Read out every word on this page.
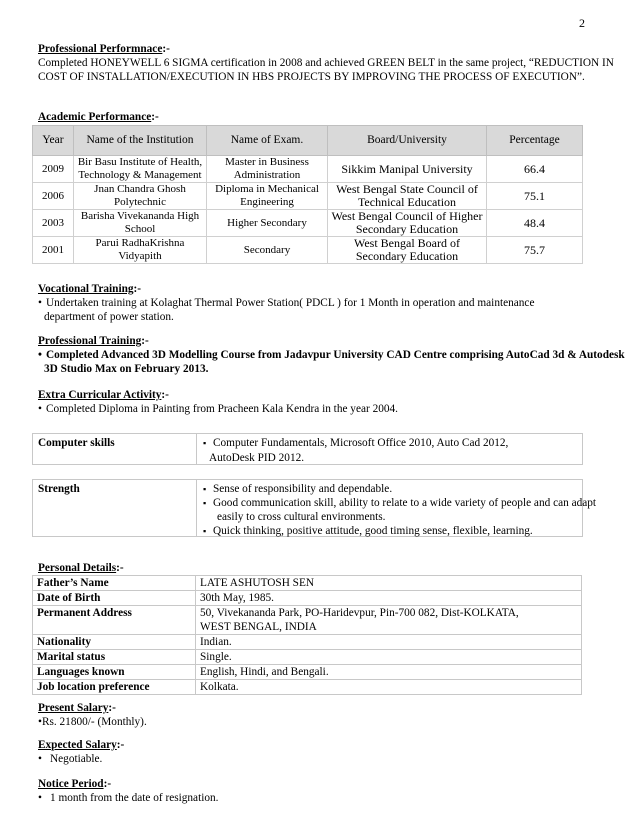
2
Professional Performnace:-
Completed HONEYWELL 6 SIGMA certification in 2008 and achieved GREEN BELT in the same project, “REDUCTION IN COST OF INSTALLATION/EXECUTION IN HBS PROJECTS BY IMPROVING THE PROCESS OF EXECUTION”.
Academic Performance:-
Year	Name of the Institution	Name of Exam.	Board/University	Percentage
2009	Bir Basu Institute of Health, Technology & Management	Master in Business Administration	Sikkim Manipal University	66.4
2006	Jnan Chandra Ghosh Polytechnic	Diploma in Mechanical Engineering	West Bengal State Council of Technical Education	75.1
2003	Barisha Vivekananda High School	Higher Secondary	West Bengal Council of Higher Secondary Education	48.4
2001	Parui RadhaKrishna Vidyapith	Secondary	West Bengal Board of Secondary Education	75.7
Vocational Training:-
• Undertaken training at Kolaghat Thermal Power Station( PDCL ) for 1 Month in operation and maintenance
department of power station.
Professional Training:-
• Completed Advanced 3D Modelling Course from Jadavpur University CAD Centre comprising AutoCad 3d & Autodesk
3D Studio Max on February 2013.
Extra Curricular Activity:-
• Completed Diploma in Painting from Pracheen Kala Kendra in the year 2004.
Computer skills	▪ Computer Fundamentals, Microsoft Office 2010, Auto Cad 2012,
AutoDesk PID 2012.
Strength	▪ Sense of responsibility and dependable.
▪ Good communication skill, ability to relate to a wide variety of people and can adapt
easily to cross cultural environments.
▪ Quick thinking, positive attitude, good timing sense, flexible, learning.
Personal Details:-
Father’s Name	LATE ASHUTOSH SEN
Date of Birth	30th May, 1985.
Permanent Address	50, Vivekananda Park, PO-Haridevpur, Pin-700 082, Dist-KOLKATA,
WEST BENGAL, INDIA

Nationality	Indian.
Marital status	Single.
Languages known	English, Hindi, and Bengali.
Job location preference	Kolkata.
Present Salary:-
•Rs. 21800/- (Monthly).
Expected Salary:-
• Negotiable.
Notice Period:-
• 1 month from the date of resignation.
